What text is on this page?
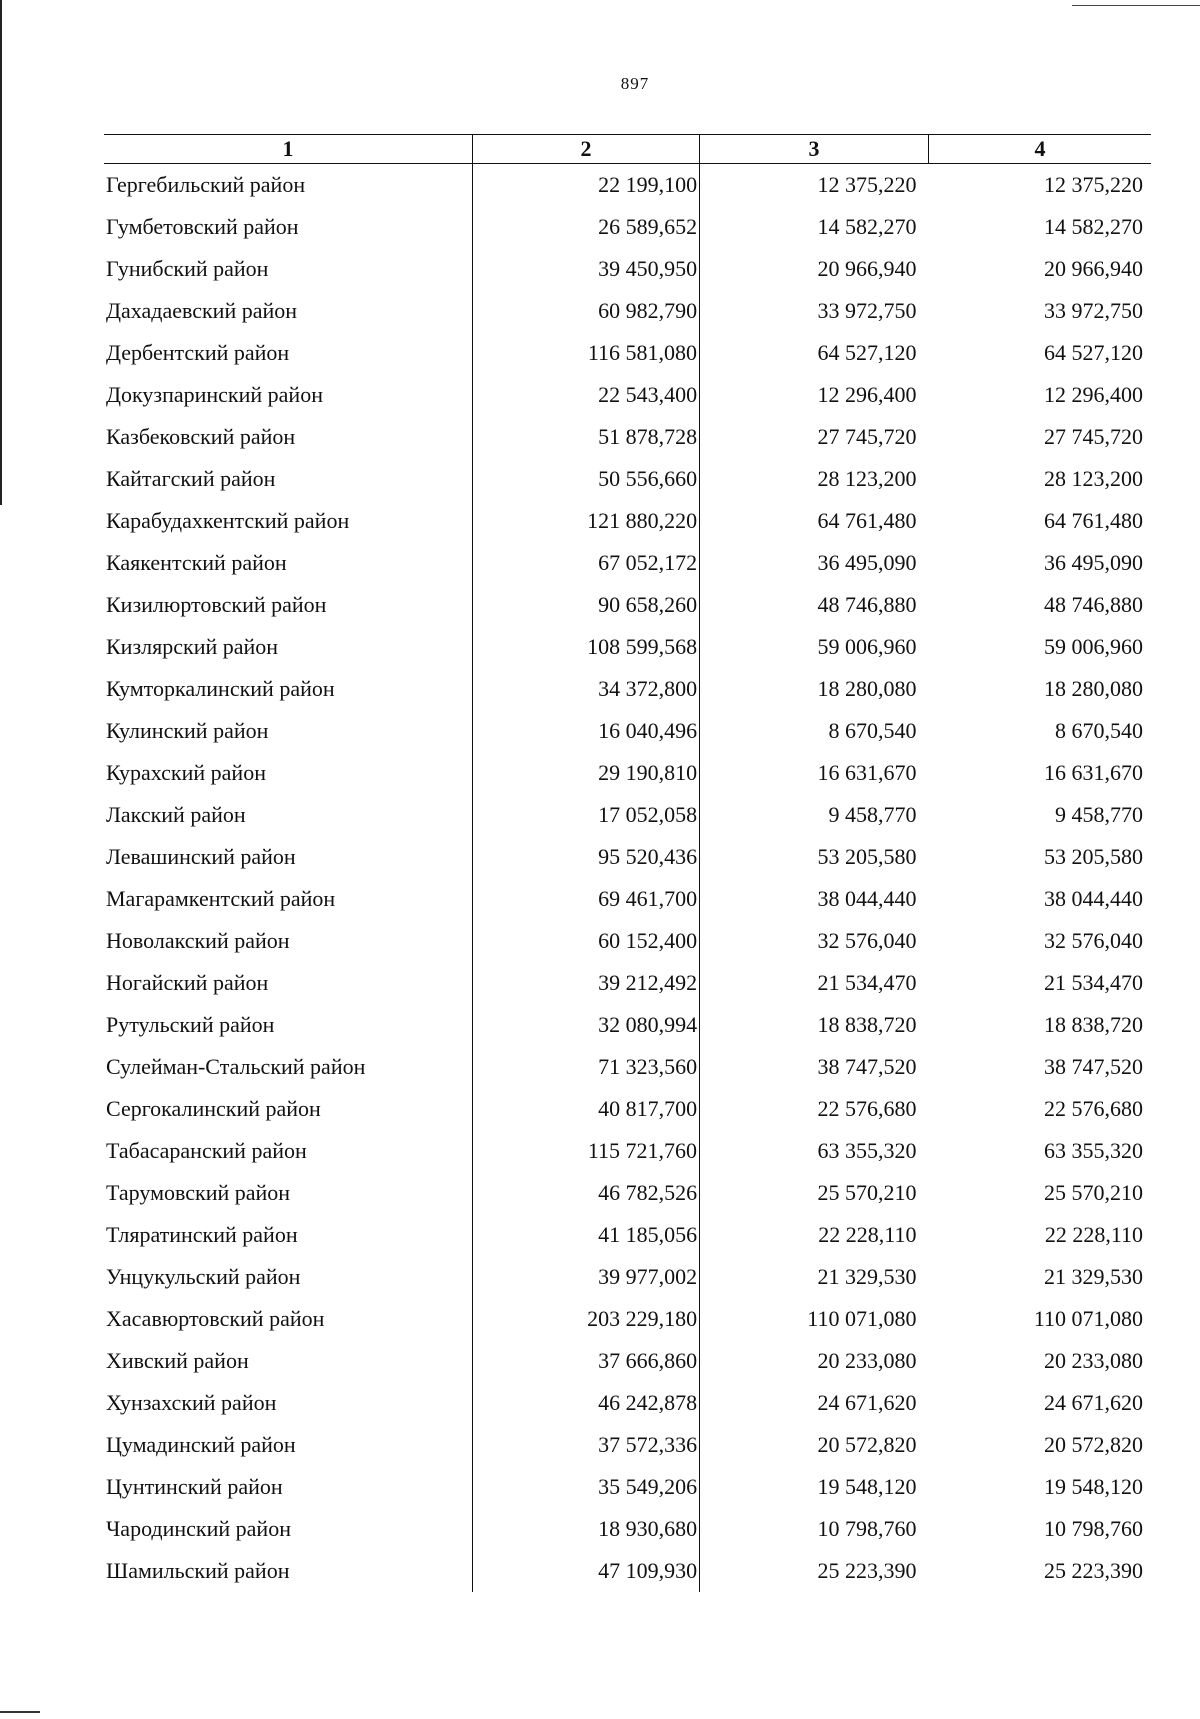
897
1	2	3	4
Гергебильский район	22 199,100	12 375,220	12 375,220
Гумбетовский район	26 589,652	14 582,270	14 582,270
Гунибский район	39 450,950	20 966,940	20 966,940
Дахадаевский район	60 982,790	33 972,750	33 972,750
Дербентский район	116 581,080	64 527,120	64 527,120
Докузпаринский район	22 543,400	12 296,400	12 296,400
Казбековский район	51 878,728	27 745,720	27 745,720
Кайтагский район	50 556,660	28 123,200	28 123,200
Карабудахкентский район	121 880,220	64 761,480	64 761,480
Каякентский район	67 052,172	36 495,090	36 495,090
Кизилюртовский район	90 658,260	48 746,880	48 746,880
Кизлярский район	108 599,568	59 006,960	59 006,960
Кумторкалинский район	34 372,800	18 280,080	18 280,080
Кулинский район	16 040,496	8 670,540	8 670,540
Курахский район	29 190,810	16 631,670	16 631,670
Лакский район	17 052,058	9 458,770	9 458,770
Левашинский район	95 520,436	53 205,580	53 205,580
Магарамкентский район	69 461,700	38 044,440	38 044,440
Новолакский район	60 152,400	32 576,040	32 576,040
Ногайский район	39 212,492	21 534,470	21 534,470
Рутульский район	32 080,994	18 838,720	18 838,720
Сулейман-Стальский район	71 323,560	38 747,520	38 747,520
Сергокалинский район	40 817,700	22 576,680	22 576,680
Табасаранский район	115 721,760	63 355,320	63 355,320
Тарумовский район	46 782,526	25 570,210	25 570,210
Тляратинский район	41 185,056	22 228,110	22 228,110
Унцукульский район	39 977,002	21 329,530	21 329,530
Хасавюртовский район	203 229,180	110 071,080	110 071,080
Хивский район	37 666,860	20 233,080	20 233,080
Хунзахский район	46 242,878	24 671,620	24 671,620
Цумадинский район	37 572,336	20 572,820	20 572,820
Цунтинский район	35 549,206	19 548,120	19 548,120
Чародинский район	18 930,680	10 798,760	10 798,760
Шамильский район	47 109,930	25 223,390	25 223,390
